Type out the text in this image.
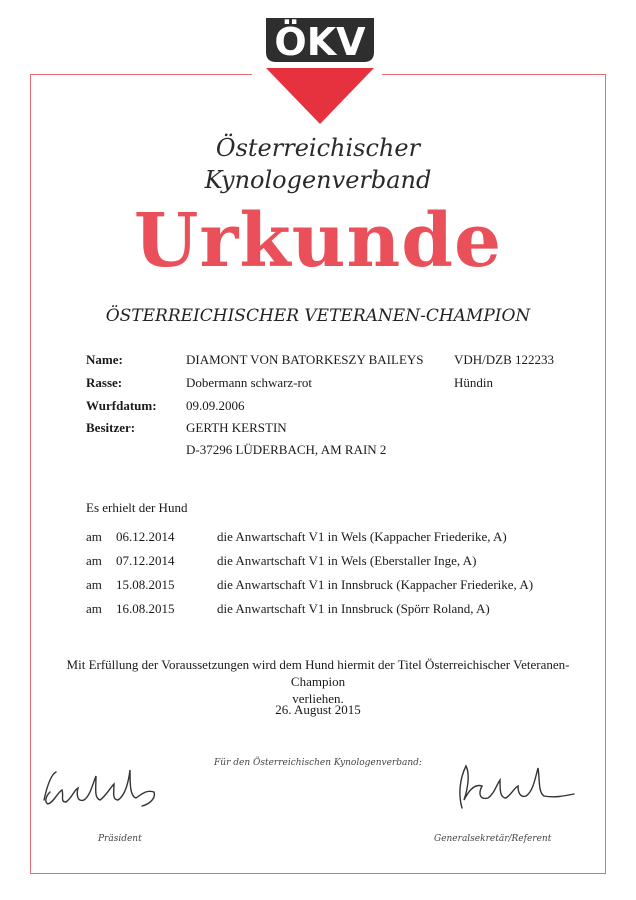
ÖKV
Österreichischer
Kynologenverband
Urkunde
ÖSTERREICHISCHER VETERANEN-CHAMPION
Name:	DIAMONT VON BATORKESZY BAILEYS VDH/DZB 122233
Rasse:	Dobermann schwarz-rot	Hündin
Wurfdatum: 09.09.2006
Besitzer:	GERTH KERSTIN
D-37296 LÜDERBACH, AM RAIN 2
Es erhielt der Hund
am 06.12.2014	die Anwartschaft V1 in Wels (Kappacher Friederike, A)
am 07.12.2014	die Anwartschaft V1 in Wels (Eberstaller Inge, A)
am 15.08.2015	die Anwartschaft V1 in Innsbruck (Kappacher Friederike, A)
am 16.08.2015	die Anwartschaft V1 in Innsbruck (Spörr Roland, A)
Mit Erfüllung der Voraussetzungen wird dem Hund hiermit der Titel Österreichischer Veteranen-Champion
verliehen.
26. August 2015
Für den Österreichischen Kynologenverband:
Präsident	Generalsekretär/Referent
